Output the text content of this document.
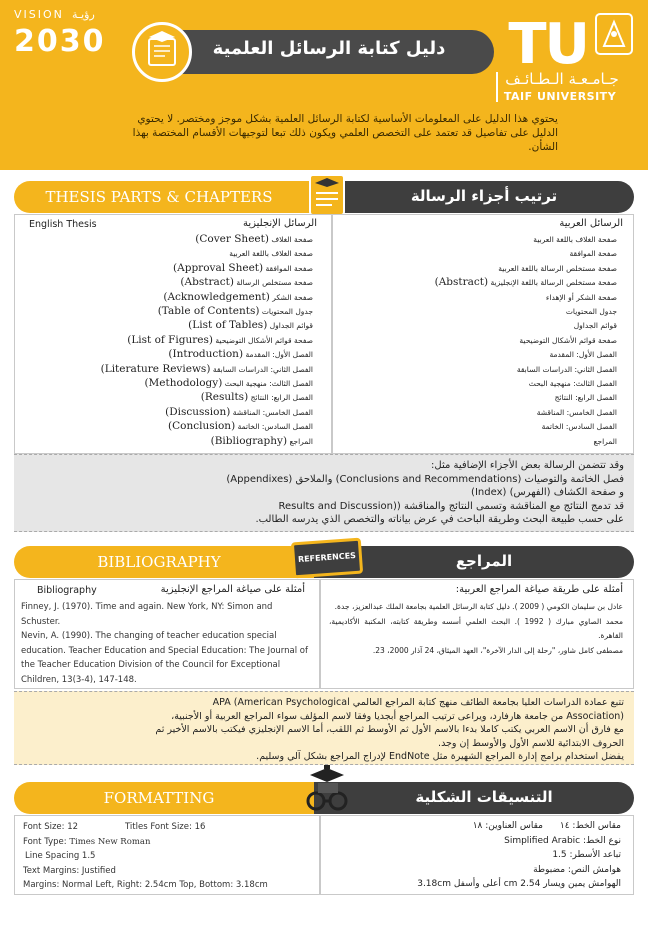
VISION رؤيـة
2030	دليل كتابة الرسائل العلمية	TU
جـامـعـة الـطـائـف
TAIF UNIVERSITY

يحتوي هذا الدليل على المعلومات الأساسية لكتابة الرسائل العلمية بشكل موجز ومختصر. لا يحتوي الدليل على تفاصيل قد تعتمد على التخصص العلمي ويكون ذلك تبعا لتوجيهات الأقسام المختصة بهذا الشأن.

THESIS PARTS & CHAPTERS	ترتيب أجزاء الرسالة
English Thesis	الرسائل الإنجليزية
صفحة الغلاف (Cover Sheet)
صفحة الغلاف باللغة العربية
صفحة الموافقة (Approval Sheet)
صفحة مستخلص الرسالة (Abstract)
صفحة الشكر (Acknowledgement)
جدول المحتويات (Table of Contents)
قوائم الجداول (List of Tables)
صفحة قوائم الأشكال التوضيحية (List of Figures)
الفصل الأول: المقدمة (Introduction)
الفصل الثاني: الدراسات السابقة (Literature Reviews)
الفصل الثالث: منهجية البحث (Methodology)
الفصل الرابع: النتائج (Results)
الفصل الخامس: المناقشة (Discussion)
الفصل السادس: الخاتمة (Conclusion)
المراجع (Bibliography)
الرسائل العربية
صفحة الغلاف باللغة العربية
صفحة الموافقة
صفحة مستخلص الرسالة باللغة العربية
صفحة مستخلص الرسالة باللغة الإنجليزية (Abstract)
صفحة الشكر أو الإهداء
جدول المحتويات
قوائم الجداول
صفحة قوائم الأشكال التوضيحية
الفصل الأول: المقدمة
الفصل الثاني: الدراسات السابقة
الفصل الثالث: منهجية البحث
الفصل الرابع: النتائج
الفصل الخامس: المناقشة
الفصل السادس: الخاتمة
المراجع
وقد تتضمن الرسالة بعض الأجزاء الإضافية مثل:
فصل الخاتمة والتوصيات (Conclusions and Recommendations) والملاحق (Appendixes)
و صفحة الكشاف (الفهرس) (Index)
قد تدمج النتائج مع المناقشة وتسمى النتائج والمناقشة ((Results and Discussion
على حسب طبيعة البحث وطريقة الباحث في عرض بياناته والتخصص الذي يدرسه الطالب.
BIBLIOGRAPHY	المراجع
REFERENCES
Bibliography	أمثلة على صياغة المراجع الإنجليزية

Finney, J. (1970). Time and again. New York, NY: Simon and Schuster.

Nevin, A. (1990). The changing of teacher education special education. Teacher Education and Special Education: The Journal of the Teacher Education Division of the Council for Exceptional Children, 13(3-4), 147-148.

أمثلة على طريقة صياغة المراجع العربية:

عادل بن سليمان الكومي ( 2009 ). دليل كتابة الرسائل العلمية بجامعة الملك عبدالعزيز، جدة.

محمد الصاوي مبارك ( 1992 ). البحث العلمي أسسه وطريقة كتابته، المكتبة الأكاديمية، القاهرة.

مصطفى كامل شاور، "رحلة إلى الدار الآخرة"، العهد الميثاق، 24 آذار 2000، 23.

تتبع عمادة الدراسات العليا بجامعة الطائف منهج كتابة المراجع العالمي APA (American Psychological
(Association من جامعة هارفارد، ويراعى ترتيب المراجع أبجديا وفقا لاسم المؤلف سواء المراجع العربية أو الأجنبية،
مع فارق أن الاسم العربي يكتب كاملا بدءا بالاسم الأول ثم الأوسط ثم اللقب، أما الاسم الإنجليزي فيكتب بالاسم الأخير ثم
الحروف الابتدائية للاسم الأول والأوسط إن وجد.
يفضل استخدام برامج إدارة المراجع الشهيرة مثل EndNote لإدراج المراجع بشكل آلي وسليم.
FORMATTING	التنسيقات الشكلية
Font Size: 12	Titles Font Size: 16
Font Type: Times New Roman
Line Spacing 1.5
Text Margins: Justified
Margins: Normal Left, Right: 2.54cm Top, Bottom: 3.18cm
مقاس الخط: ١٤
مقاس العناوين: ١٨
نوع الخط: Simplified Arabic
تباعد الأسطر: 1.5
هوامش النص: مضبوطة
الهوامش يمين ويسار 2.54 cm أعلى وأسفل 3.18cm
